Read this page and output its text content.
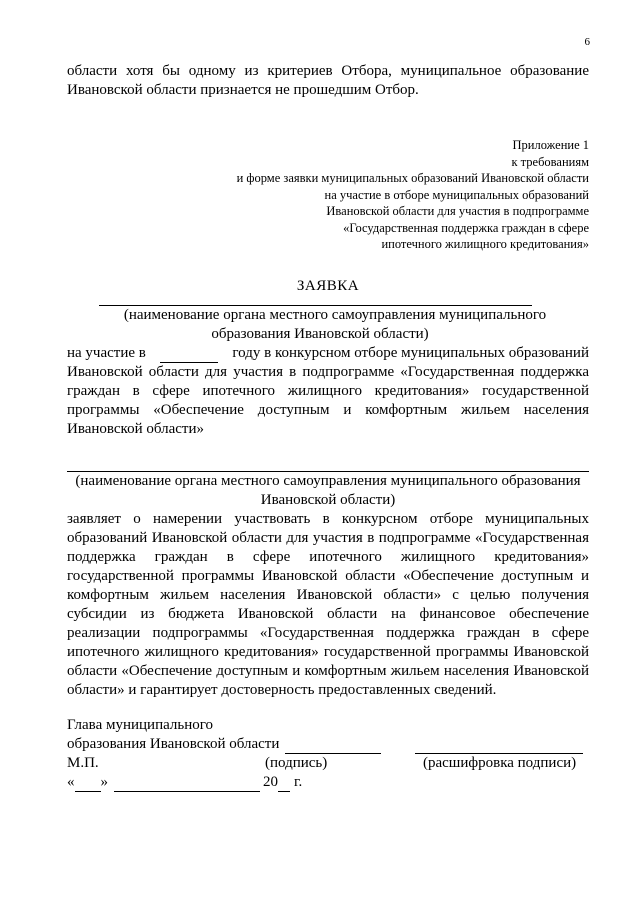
6
области хотя бы одному из критериев Отбора, муниципальное образование Ивановской области признается не прошедшим Отбор.
Приложение 1
к требованиям
и форме заявки муниципальных образований Ивановской области
на участие в отборе муниципальных образований
Ивановской области для участия в подпрограмме
«Государственная поддержка граждан в сфере
ипотечного жилищного кредитования»
ЗАЯВКА
(наименование органа местного самоуправления муниципального
образования Ивановской области)
на участие в	году в конкурсном отборе муниципальных образований
Ивановской области для участия в подпрограмме «Государственная поддержка граждан в сфере ипотечного жилищного кредитования» государственной программы «Обеспечение доступным и комфортным жильем населения Ивановской области»
(наименование органа местного самоуправления муниципального образования
Ивановской области)
заявляет о намерении участвовать в конкурсном отборе муниципальных образований Ивановской области для участия в подпрограмме «Государственная поддержка граждан в сфере ипотечного жилищного кредитования» государственной программы Ивановской области «Обеспечение доступным и комфортным жильем населения Ивановской области» с целью получения субсидии из бюджета Ивановской области на финансовое обеспечение реализации подпрограммы «Государственная поддержка граждан в сфере ипотечного жилищного кредитования» государственной программы Ивановской области «Обеспечение доступным и комфортным жильем населения Ивановской области» и гарантирует достоверность предоставленных сведений.
Глава муниципального
образования Ивановской области
М.П.	(подпись)	(расшифровка подписи)
« »	20 г.
